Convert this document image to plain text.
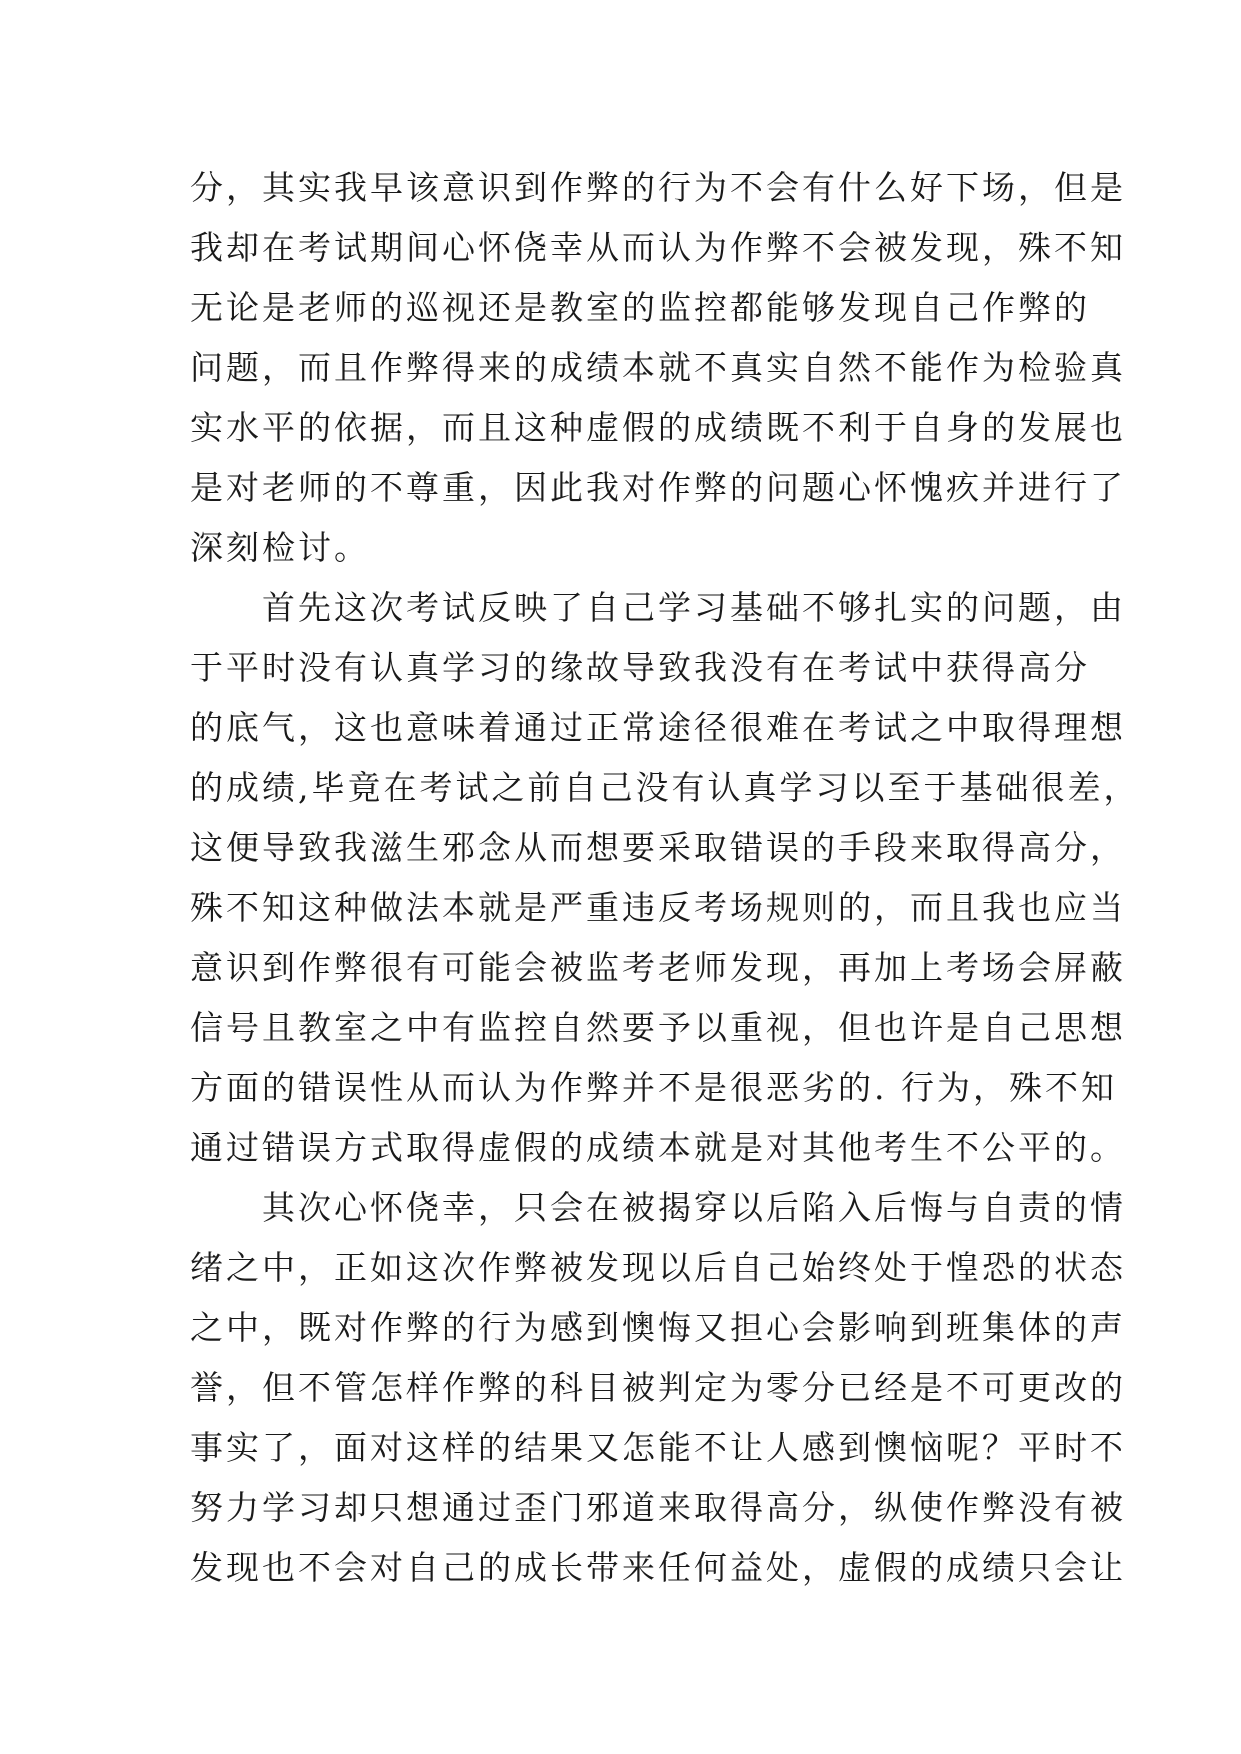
分，其实我早该意识到作弊的行为不会有什么好下场，但是
我却在考试期间心怀侥幸从而认为作弊不会被发现，殊不知
无论是老师的巡视还是教室的监控都能够发现自己作弊的
问题，而且作弊得来的成绩本就不真实自然不能作为检验真
实水平的依据，而且这种虚假的成绩既不利于自身的发展也
是对老师的不尊重，因此我对作弊的问题心怀愧疚并进行了
深刻检讨。
　　首先这次考试反映了自己学习基础不够扎实的问题，由
于平时没有认真学习的缘故导致我没有在考试中获得高分
的底气，这也意味着通过正常途径很难在考试之中取得理想
的成绩,毕竟在考试之前自己没有认真学习以至于基础很差，
这便导致我滋生邪念从而想要采取错误的手段来取得高分，
殊不知这种做法本就是严重违反考场规则的，而且我也应当
意识到作弊很有可能会被监考老师发现，再加上考场会屏蔽
信号且教室之中有监控自然要予以重视，但也许是自己思想
方面的错误性从而认为作弊并不是很恶劣的. 行为，殊不知
通过错误方式取得虚假的成绩本就是对其他考生不公平的。
　　其次心怀侥幸，只会在被揭穿以后陷入后悔与自责的情
绪之中，正如这次作弊被发现以后自己始终处于惶恐的状态
之中，既对作弊的行为感到懊悔又担心会影响到班集体的声
誉，但不管怎样作弊的科目被判定为零分已经是不可更改的
事实了，面对这样的结果又怎能不让人感到懊恼呢？平时不
努力学习却只想通过歪门邪道来取得高分，纵使作弊没有被
发现也不会对自己的成长带来任何益处，虚假的成绩只会让
